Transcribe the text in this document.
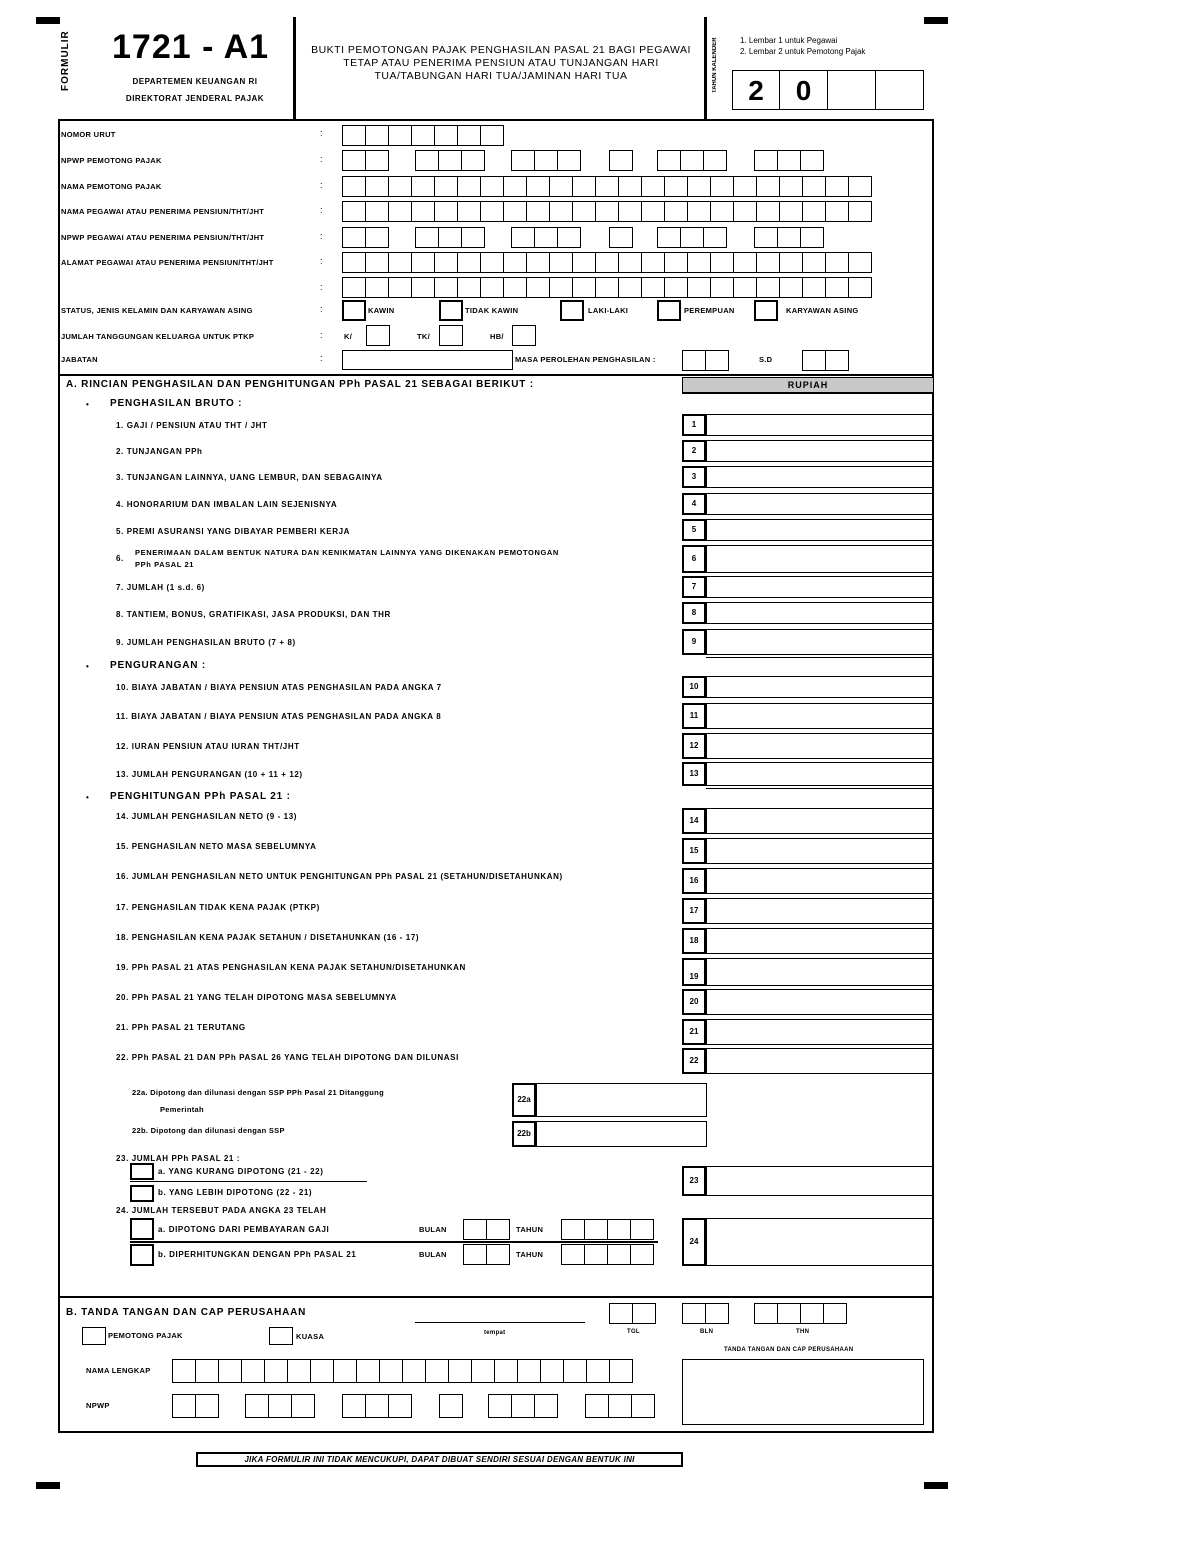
FORMULIR	1721 - A1
DEPARTEMEN KEUANGAN RI
DIREKTORAT JENDERAL PAJAK
BUKTI PEMOTONGAN PAJAK PENGHASILAN PASAL 21 BAGI PEGAWAI
TETAP ATAU PENERIMA PENSIUN ATAU TUNJANGAN HARI
TUA/TABUNGAN HARI TUA/JAMINAN HARI TUA	TAHUN KALENDER	1. Lembar 1 untuk Pegawai
2. Lembar 2 untuk Pemotong Pajak
2	0
NOMOR URUT	:
NPWP PEMOTONG PAJAK	:
NAMA PEMOTONG PAJAK	:
NAMA PEGAWAI ATAU PENERIMA PENSIUN/THT/JHT	:
NPWP PEGAWAI ATAU PENERIMA PENSIUN/THT/JHT	:
ALAMAT PEGAWAI ATAU PENERIMA PENSIUN/THT/JHT	:
:
STATUS, JENIS KELAMIN DAN KARYAWAN ASING	:	KAWIN	TIDAK KAWIN	LAKI-LAKI	PEREMPUAN	KARYAWAN ASING
JUMLAH TANGGUNGAN KELUARGA UNTUK PTKP	:	K/	TK/	HB/
JABATAN	:	MASA PEROLEHAN PENGHASILAN :	S.D
A. RINCIAN PENGHASILAN DAN PENGHITUNGAN PPh PASAL 21 SEBAGAI BERIKUT :	RUPIAH
• PENGHASILAN BRUTO :
1. GAJI / PENSIUN ATAU THT / JHT	1
2. TUNJANGAN PPh	2
3. TUNJANGAN LAINNYA, UANG LEMBUR, DAN SEBAGAINYA	3
4. HONORARIUM DAN IMBALAN LAIN SEJENISNYA	4
5. PREMI ASURANSI YANG DIBAYAR PEMBERI KERJA	5
6.
PENERIMAAN DALAM BENTUK NATURA DAN KENIKMATAN LAINNYA YANG DIKENAKAN PEMOTONGAN
PPh PASAL 21
6
7. JUMLAH (1 s.d. 6)	7
8. TANTIEM, BONUS, GRATIFIKASI, JASA PRODUKSI, DAN THR	8
9. JUMLAH PENGHASILAN BRUTO (7 + 8)	9
• PENGURANGAN :
10. BIAYA JABATAN / BIAYA PENSIUN ATAS PENGHASILAN PADA ANGKA 7	10
11. BIAYA JABATAN / BIAYA PENSIUN ATAS PENGHASILAN PADA ANGKA 8	11
12. IURAN PENSIUN ATAU IURAN THT/JHT	12
13. JUMLAH PENGURANGAN (10 + 11 + 12)	13
• PENGHITUNGAN PPh PASAL 21 :
14. JUMLAH PENGHASILAN NETO (9 - 13)	14
15. PENGHASILAN NETO MASA SEBELUMNYA	15
16. JUMLAH PENGHASILAN NETO UNTUK PENGHITUNGAN PPh PASAL 21 (SETAHUN/DISETAHUNKAN)	16
17. PENGHASILAN TIDAK KENA PAJAK (PTKP)	17
18. PENGHASILAN KENA PAJAK SETAHUN / DISETAHUNKAN (16 - 17)	18
19. PPh PASAL 21 ATAS PENGHASILAN KENA PAJAK SETAHUN/DISETAHUNKAN
19
20. PPh PASAL 21 YANG TELAH DIPOTONG MASA SEBELUMNYA	20
21. PPh PASAL 21 TERUTANG	21
22. PPh PASAL 21 DAN PPh PASAL 26 YANG TELAH DIPOTONG DAN DILUNASI	22
22a. Dipotong dan dilunasi dengan SSP PPh Pasal 21 Ditanggung
Pemerintah
22a
22b. Dipotong dan dilunasi dengan SSP	22b
23. JUMLAH PPh PASAL 21 :
a. YANG KURANG DIPOTONG (21 - 22)
b. YANG LEBIH DIPOTONG (22 - 21)
23
24. JUMLAH TERSEBUT PADA ANGKA 23 TELAH
a. DIPOTONG DARI PEMBAYARAN GAJI	BULAN	TAHUN
b. DIPERHITUNGKAN DENGAN PPh PASAL 21	BULAN	TAHUN
24
B. TANDA TANGAN DAN CAP PERUSAHAAN
tempat	TGL	BLN	THN
PEMOTONG PAJAK	KUASA
TANDA TANGAN DAN CAP PERUSAHAAN
NAMA LENGKAP
NPWP
JIKA FORMULIR INI TIDAK MENCUKUPI, DAPAT DIBUAT SENDIRI SESUAI DENGAN BENTUK INI
